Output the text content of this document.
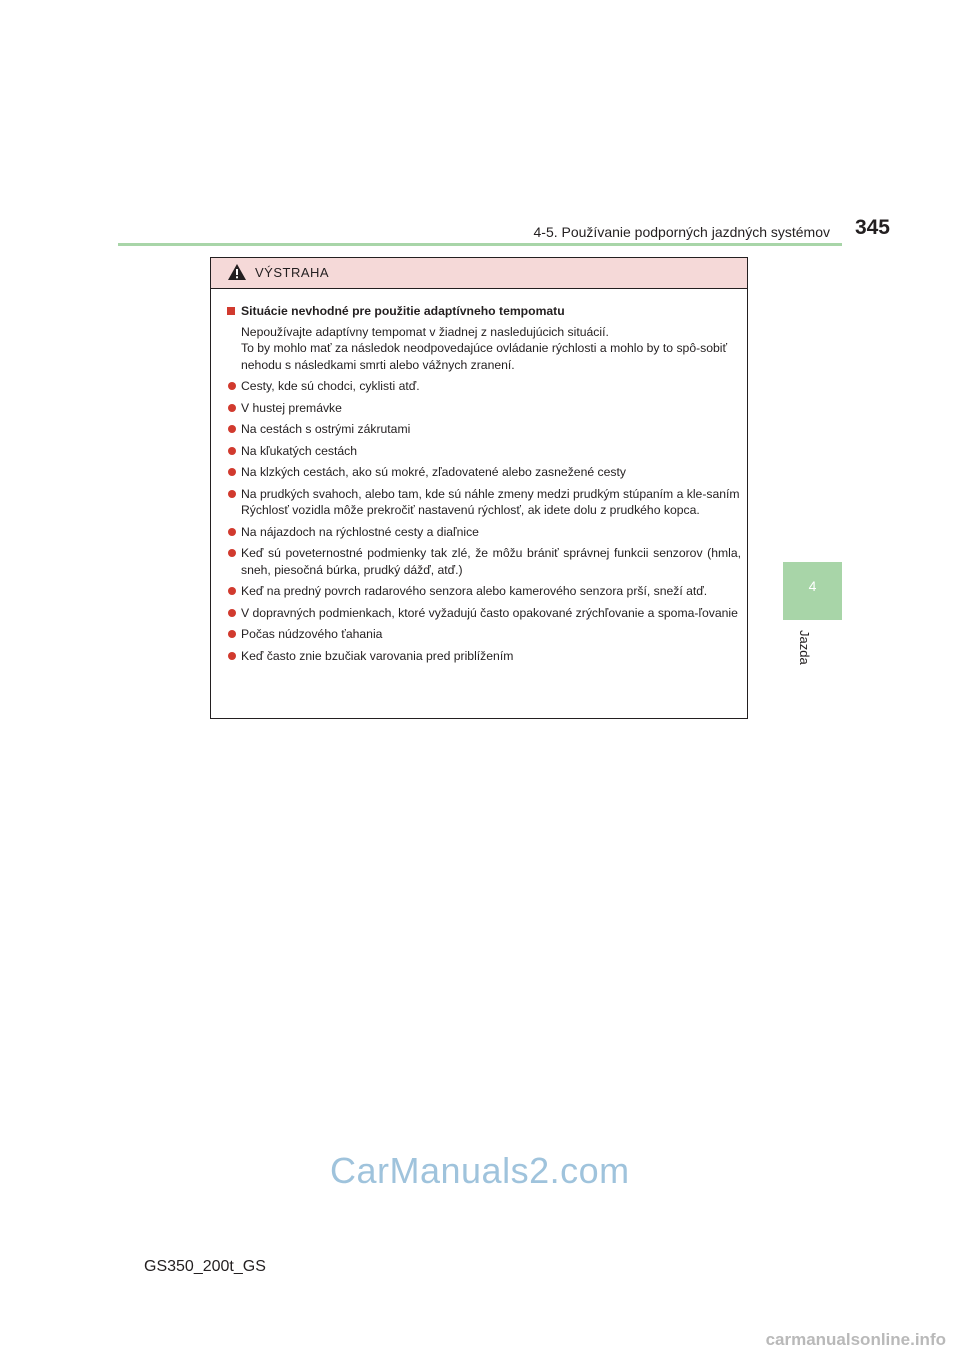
4-5. Používanie podporných jazdných systémov 345
4
Jazda
VÝSTRAHA
Situácie nevhodné pre použitie adaptívneho tempomatu

Nepoužívajte adaptívny tempomat v žiadnej z nasledujúcich situácií.

To by mohlo mať za následok neodpovedajúce ovládanie rýchlosti a mohlo by to spô-sobiť nehodu s následkami smrti alebo vážnych zranení.

Cesty, kde sú chodci, cyklisti atď.
V hustej premávke
Na cestách s ostrými zákrutami
Na kľukatých cestách
Na klzkých cestách, ako sú mokré, zľadovatené alebo zasnežené cesty
Na prudkých svahoch, alebo tam, kde sú náhle zmeny medzi prudkým stúpaním a kle-saním
Rýchlosť vozidla môže prekročiť nastavenú rýchlosť, ak idete dolu z prudkého kopca.
Na nájazdoch na rýchlostné cesty a diaľnice
Keď sú poveternostné podmienky tak zlé, že môžu brániť správnej funkcii senzorov (hmla, sneh, piesočná búrka, prudký dážď, atď.)
Keď na predný povrch radarového senzora alebo kamerového senzora prší, sneží atď.
V dopravných podmienkach, ktoré vyžadujú často opakované zrýchľovanie a spoma-ľovanie
Počas núdzového ťahania
Keď často znie bzučiak varovania pred priblížením
GS350_200t_GS
CarManuals2.com
carmanualsonline.info
